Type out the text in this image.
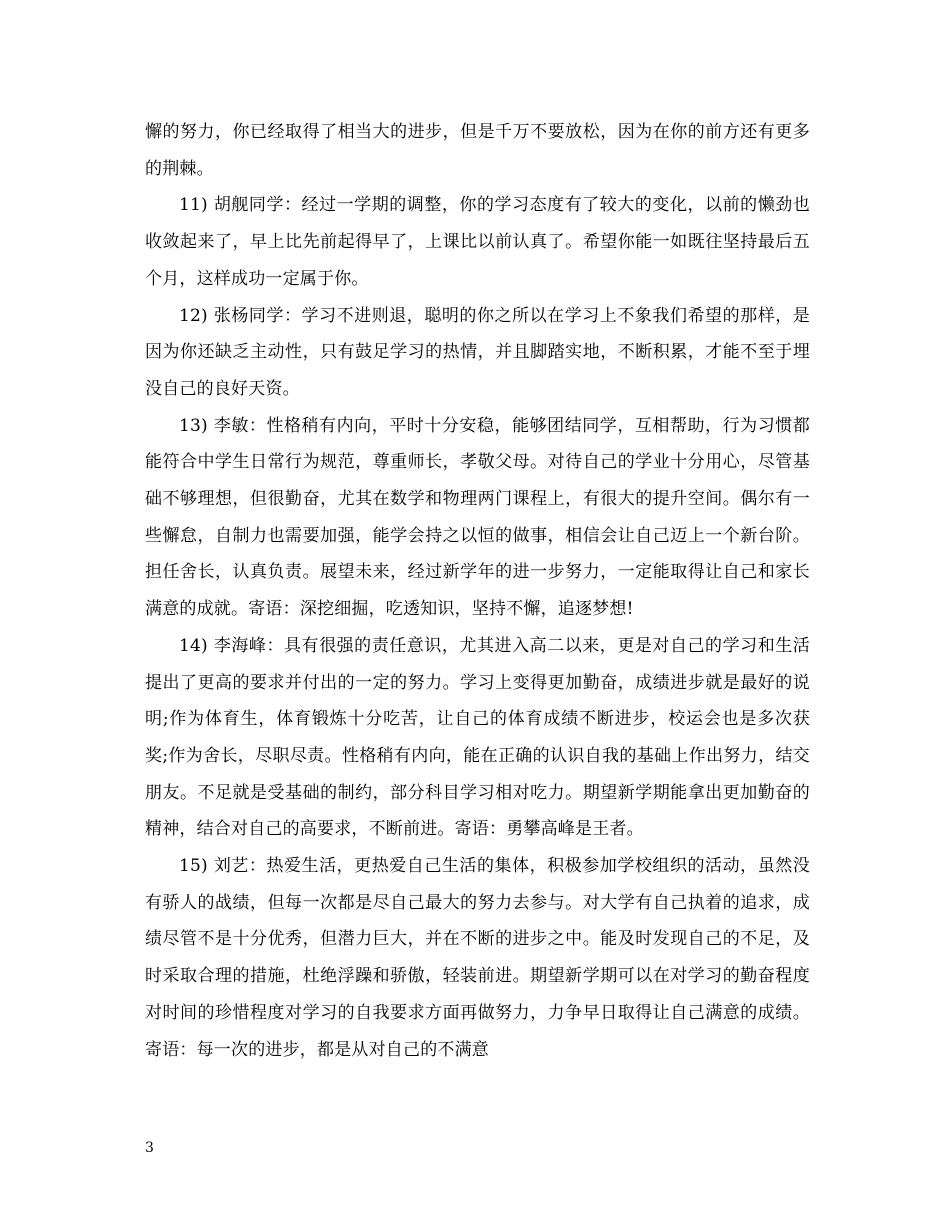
懈的努力，你已经取得了相当大的进步，但是千万不要放松，因为在你的前方还有更多的荆棘。

11) 胡舰同学：经过一学期的调整，你的学习态度有了较大的变化，以前的懒劲也收敛起来了，早上比先前起得早了，上课比以前认真了。希望你能一如既往坚持最后五个月，这样成功一定属于你。

12) 张杨同学：学习不进则退，聪明的你之所以在学习上不象我们希望的那样，是因为你还缺乏主动性，只有鼓足学习的热情，并且脚踏实地，不断积累，才能不至于埋没自己的良好天资。

13) 李敏：性格稍有内向，平时十分安稳，能够团结同学，互相帮助，行为习惯都能符合中学生日常行为规范，尊重师长，孝敬父母。对待自己的学业十分用心，尽管基础不够理想，但很勤奋，尤其在数学和物理两门课程上，有很大的提升空间。偶尔有一些懈怠，自制力也需要加强，能学会持之以恒的做事，相信会让自己迈上一个新台阶。担任舍长，认真负责。展望未来，经过新学年的进一步努力，一定能取得让自己和家长满意的成就。寄语：深挖细掘，吃透知识，坚持不懈，追逐梦想!

14) 李海峰：具有很强的责任意识，尤其进入高二以来，更是对自己的学习和生活提出了更高的要求并付出的一定的努力。学习上变得更加勤奋，成绩进步就是最好的说明;作为体育生，体育锻炼十分吃苦，让自己的体育成绩不断进步，校运会也是多次获奖;作为舍长，尽职尽责。性格稍有内向，能在正确的认识自我的基础上作出努力，结交朋友。不足就是受基础的制约，部分科目学习相对吃力。期望新学期能拿出更加勤奋的精神，结合对自己的高要求，不断前进。寄语：勇攀高峰是王者。

15) 刘艺：热爱生活，更热爱自己生活的集体，积极参加学校组织的活动，虽然没有骄人的战绩，但每一次都是尽自己最大的努力去参与。对大学有自己执着的追求，成绩尽管不是十分优秀，但潜力巨大，并在不断的进步之中。能及时发现自己的不足，及时采取合理的措施，杜绝浮躁和骄傲，轻装前进。期望新学期可以在对学习的勤奋程度对时间的珍惜程度对学习的自我要求方面再做努力，力争早日取得让自己满意的成绩。寄语：每一次的进步，都是从对自己的不满意

3
